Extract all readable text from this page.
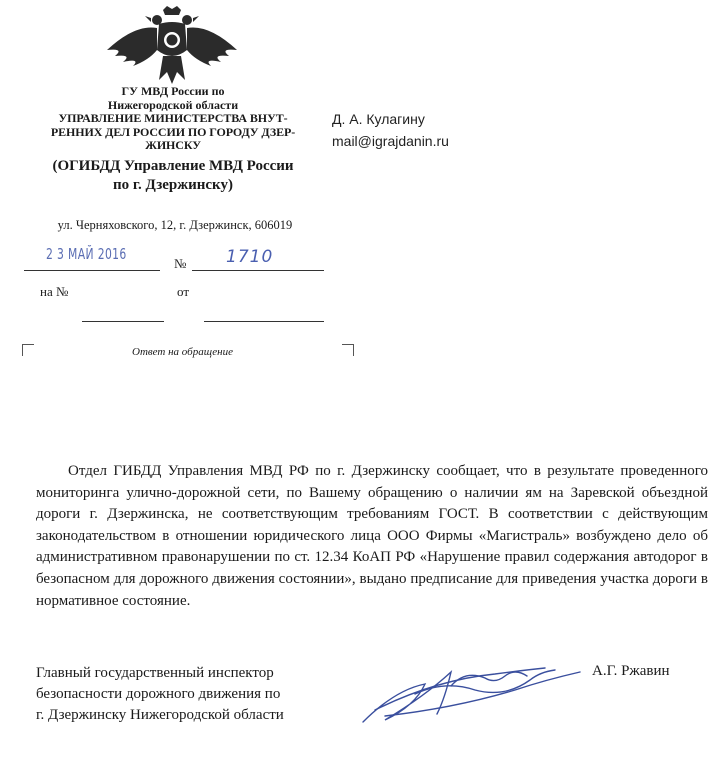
ГУ МВД России по
Нижегородской области
УПРАВЛЕНИЕ МИНИСТЕРСТВА ВНУТ-
РЕННИХ ДЕЛ РОССИИ ПО ГОРОДУ ДЗЕР-
ЖИНСКУ
(ОГИБДД Управление МВД России
по г. Дзержинску)
ул. Черняховского, 12, г. Дзержинск, 606019
2 3 МАЙ 2016
№ 1710
на №	от
Ответ на обращение
Д. А. Кулагину
mail@igrajdanin.ru
Отдел ГИБДД Управления МВД РФ по г. Дзержинску сообщает, что в результате проведенного мониторинга улично-дорожной сети, по Вашему обращению о наличии ям на Заревской объездной дороги г. Дзержинска, не соответствующим требованиям ГОСТ. В соответствии с действующим законодательством в отношении юридического лица ООО Фирмы «Магистраль» возбуждено дело об административном правонарушении по ст. 12.34 КоАП РФ «Нарушение правил содержания автодорог в безопасном для дорожного движения состоянии», выдано предписание для приведения участка дороги в нормативное состояние.
Главный государственный инспектор
безопасности дорожного движения по
г. Дзержинску Нижегородской области
А.Г. Ржавин
